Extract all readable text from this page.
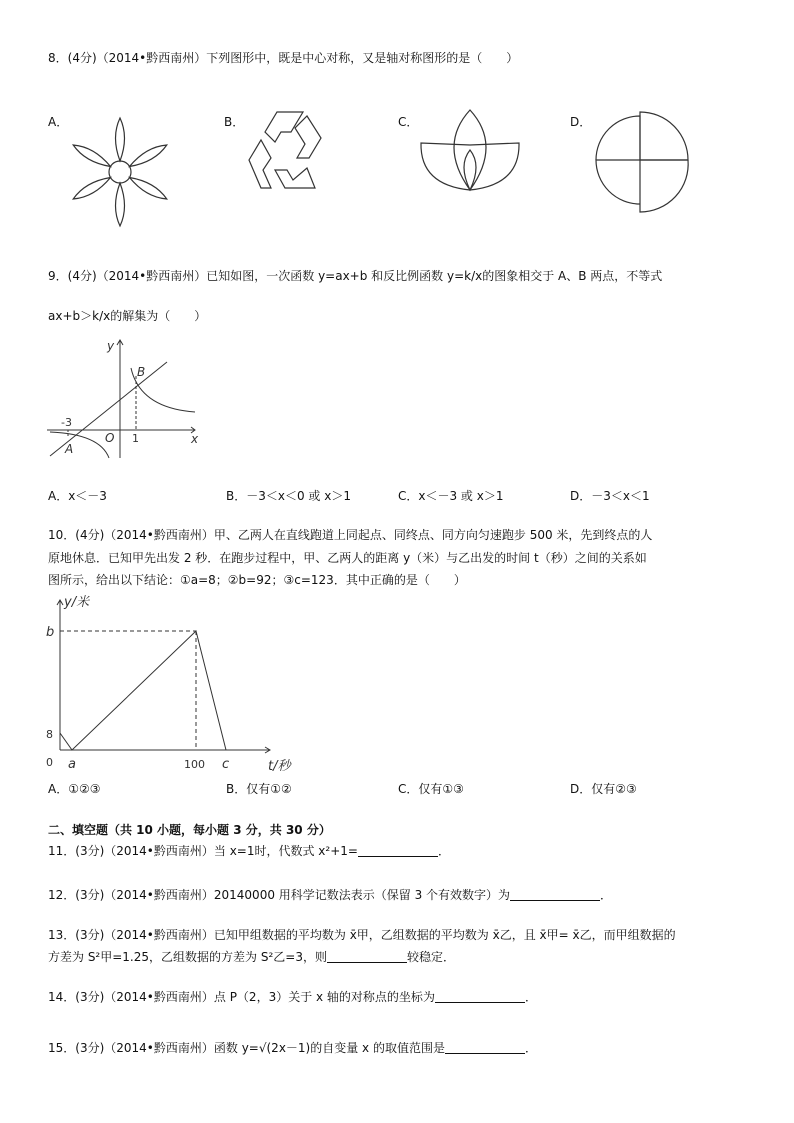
8．(4分)（2014•黔西南州）下列图形中，既是中心对称，又是轴对称图形的是（　　）
A．	B．	C．	D．
9．(4分)（2014•黔西南州）已知如图，一次函数 y=ax+b 和反比例函数 y=k/x的图象相交于 A、B 两点，不等式
ax+b＞k/x的解集为（　　）
y
x
B
A
O
-3
1
A．x＜－3	B．－3＜x＜0 或 x＞1	C．x＜－3 或 x＞1	D．－3＜x＜1
10．(4分)（2014•黔西南州）甲、乙两人在直线跑道上同起点、同终点、同方向匀速跑步 500 米，先到终点的人
原地休息．已知甲先出发 2 秒．在跑步过程中，甲、乙两人的距离 y（米）与乙出发的时间 t（秒）之间的关系如
图所示，给出以下结论：①a=8；②b=92；③c=123．其中正确的是（　　）
y/米
t/秒
b
8
0 a	100 c
A．①②③	B．仅有①②	C．仅有①③	D．仅有②③
二、填空题（共 10 小题，每小题 3 分，共 30 分）
11．(3分)（2014•黔西南州）当 x=1时，代数式 x²+1=	．
12．(3分)（2014•黔西南州）20140000 用科学记数法表示（保留 3 个有效数字）为	．
13．(3分)（2014•黔西南州）已知甲组数据的平均数为 x̄甲，乙组数据的平均数为 x̄乙，且 x̄甲= x̄乙，而甲组数据的
方差为 S²甲=1.25，乙组数据的方差为 S²乙=3，则	较稳定．
14．(3分)（2014•黔西南州）点 P（2，3）关于 x 轴的对称点的坐标为	．
15．(3分)（2014•黔西南州）函数 y=√(2x－1)的自变量 x 的取值范围是	．
